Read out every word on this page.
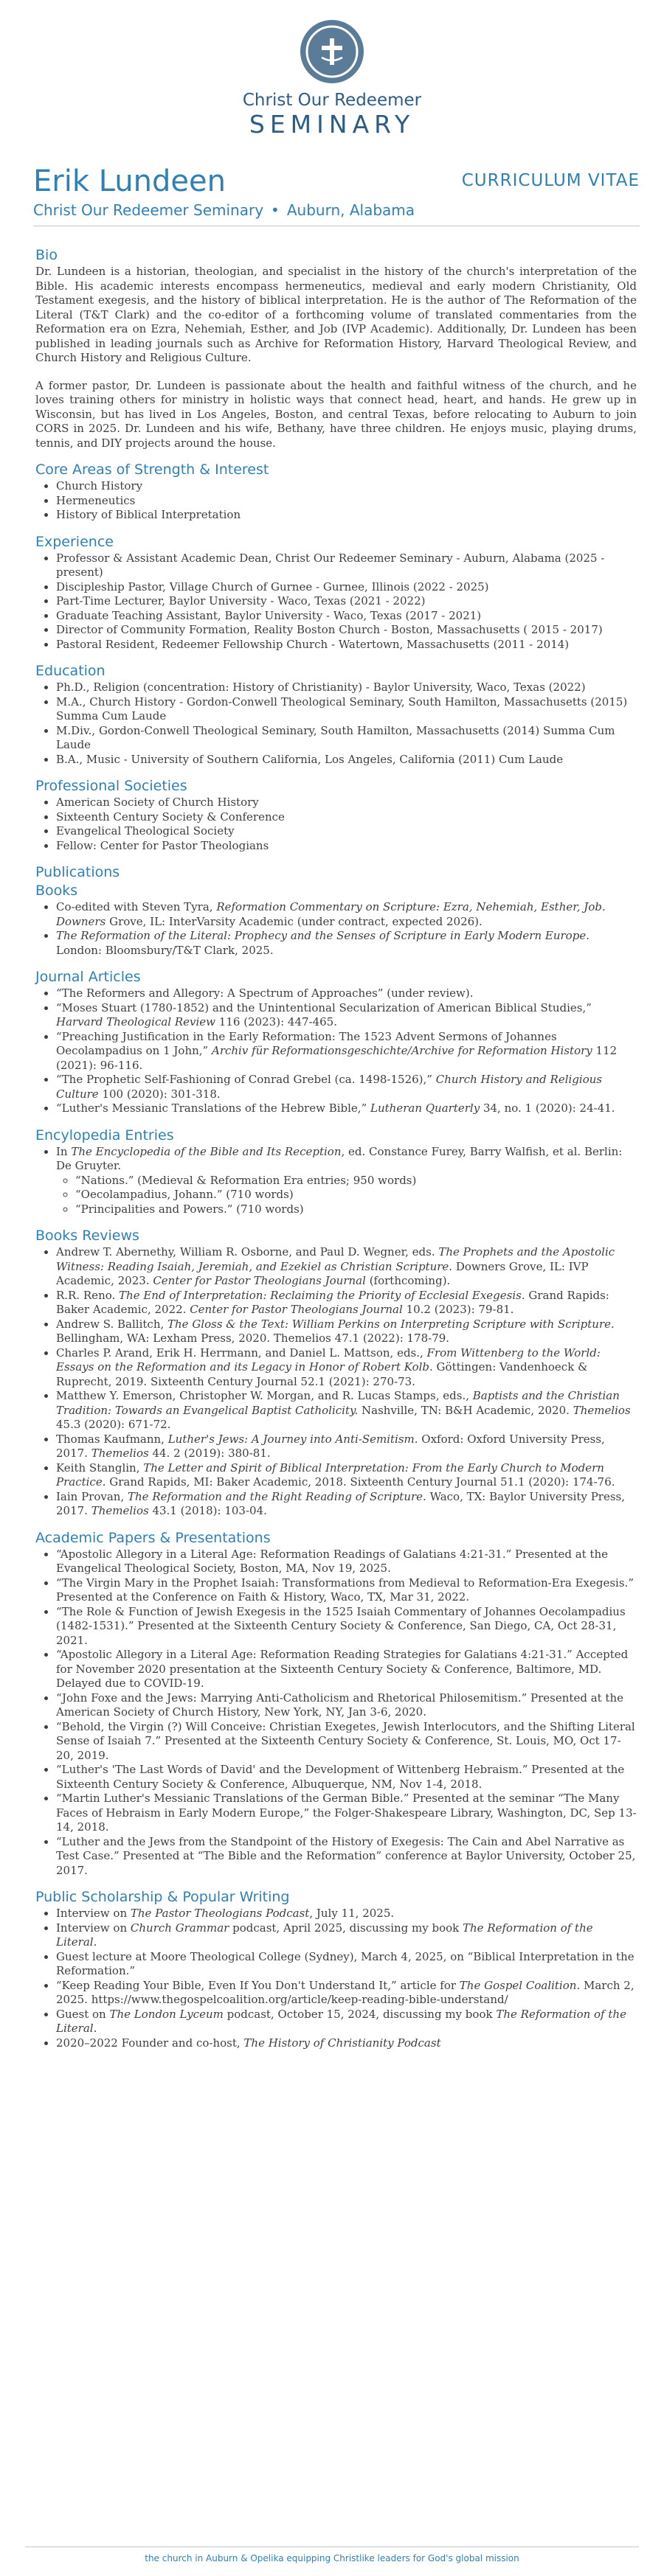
Christ Our Redeemer
SEMINARY
Erik Lundeen	CURRICULUM VITAE
Christ Our Redeemer Seminary • Auburn, Alabama
Bio

Dr. Lundeen is a historian, theologian, and specialist in the history of the church's interpretation of the Bible. His academic interests encompass hermeneutics, medieval and early modern Christianity, Old Testament exegesis, and the history of biblical interpretation. He is the author of The Reformation of the Literal (T&T Clark) and the co-editor of a forthcoming volume of translated commentaries from the Reformation era on Ezra, Nehemiah, Esther, and Job (IVP Academic). Additionally, Dr. Lundeen has been published in leading journals such as Archive for Reformation History, Harvard Theological Review, and Church History and Religious Culture.

A former pastor, Dr. Lundeen is passionate about the health and faithful witness of the church, and he loves training others for ministry in holistic ways that connect head, heart, and hands. He grew up in Wisconsin, but has lived in Los Angeles, Boston, and central Texas, before relocating to Auburn to join CORS in 2025. Dr. Lundeen and his wife, Bethany, have three children. He enjoys music, playing drums, tennis, and DIY projects around the house.

Core Areas of Strength & Interest
• Church History
• Hermeneutics
• History of Biblical Interpretation
Experience
• Professor & Assistant Academic Dean, Christ Our Redeemer Seminary - Auburn, Alabama (2025 - present)
• Discipleship Pastor, Village Church of Gurnee - Gurnee, Illinois (2022 - 2025)
• Part-Time Lecturer, Baylor University - Waco, Texas (2021 - 2022)
• Graduate Teaching Assistant, Baylor University - Waco, Texas (2017 - 2021)
• Director of Community Formation, Reality Boston Church - Boston, Massachusetts ( 2015 - 2017)
• Pastoral Resident, Redeemer Fellowship Church - Watertown, Massachusetts (2011 - 2014)
Education
• Ph.D., Religion (concentration: History of Christianity) - Baylor University, Waco, Texas (2022)
• M.A., Church History - Gordon-Conwell Theological Seminary, South Hamilton, Massachusetts (2015) Summa Cum Laude
• M.Div., Gordon-Conwell Theological Seminary, South Hamilton, Massachusetts (2014) Summa Cum Laude
• B.A., Music - University of Southern California, Los Angeles, California (2011) Cum Laude
Professional Societies
• American Society of Church History
• Sixteenth Century Society & Conference
• Evangelical Theological Society
• Fellow: Center for Pastor Theologians
Publications
Books
• Co-edited with Steven Tyra, Reformation Commentary on Scripture: Ezra, Nehemiah, Esther, Job. Downers Grove, IL: InterVarsity Academic (under contract, expected 2026).
• The Reformation of the Literal: Prophecy and the Senses of Scripture in Early Modern Europe. London: Bloomsbury/T&T Clark, 2025.
Journal Articles
• “The Reformers and Allegory: A Spectrum of Approaches” (under review).
• “Moses Stuart (1780-1852) and the Unintentional Secularization of American Biblical Studies,” Harvard Theological Review 116 (2023): 447-465.
• “Preaching Justification in the Early Reformation: The 1523 Advent Sermons of Johannes Oecolampadius on 1 John,” Archiv für Reformationsgeschichte/Archive for Reformation History 112 (2021): 96-116.
• “The Prophetic Self-Fashioning of Conrad Grebel (ca. 1498-1526),” Church History and Religious Culture 100 (2020): 301-318.
• “Luther's Messianic Translations of the Hebrew Bible,” Lutheran Quarterly 34, no. 1 (2020): 24-41.
Encylopedia Entries
• In The Encyclopedia of the Bible and Its Reception, ed. Constance Furey, Barry Walfish, et al. Berlin: De Gruyter.
◦ “Nations.” (Medieval & Reformation Era entries; 950 words)
◦ “Oecolampadius, Johann.” (710 words)
◦ “Principalities and Powers.” (710 words)
Books Reviews
• Andrew T. Abernethy, William R. Osborne, and Paul D. Wegner, eds. The Prophets and the Apostolic Witness: Reading Isaiah, Jeremiah, and Ezekiel as Christian Scripture. Downers Grove, IL: IVP Academic, 2023. Center for Pastor Theologians Journal (forthcoming).
• R.R. Reno. The End of Interpretation: Reclaiming the Priority of Ecclesial Exegesis. Grand Rapids: Baker Academic, 2022. Center for Pastor Theologians Journal 10.2 (2023): 79-81.
• Andrew S. Ballitch, The Gloss & the Text: William Perkins on Interpreting Scripture with Scripture. Bellingham, WA: Lexham Press, 2020. Themelios 47.1 (2022): 178-79.
• Charles P. Arand, Erik H. Herrmann, and Daniel L. Mattson, eds., From Wittenberg to the World: Essays on the Reformation and its Legacy in Honor of Robert Kolb. Göttingen: Vandenhoeck & Ruprecht, 2019. Sixteenth Century Journal 52.1 (2021): 270-73.
• Matthew Y. Emerson, Christopher W. Morgan, and R. Lucas Stamps, eds., Baptists and the Christian Tradition: Towards an Evangelical Baptist Catholicity. Nashville, TN: B&H Academic, 2020. Themelios 45.3 (2020): 671-72.
• Thomas Kaufmann, Luther's Jews: A Journey into Anti-Semitism. Oxford: Oxford University Press, 2017. Themelios 44. 2 (2019): 380-81.
• Keith Stanglin, The Letter and Spirit of Biblical Interpretation: From the Early Church to Modern Practice. Grand Rapids, MI: Baker Academic, 2018. Sixteenth Century Journal 51.1 (2020): 174-76.
• Iain Provan, The Reformation and the Right Reading of Scripture. Waco, TX: Baylor University Press, 2017. Themelios 43.1 (2018): 103-04.
Academic Papers & Presentations
• “Apostolic Allegory in a Literal Age: Reformation Readings of Galatians 4:21-31.” Presented at the Evangelical Theological Society, Boston, MA, Nov 19, 2025.
• “The Virgin Mary in the Prophet Isaiah: Transformations from Medieval to Reformation-Era Exegesis.” Presented at the Conference on Faith & History, Waco, TX, Mar 31, 2022.
• “The Role & Function of Jewish Exegesis in the 1525 Isaiah Commentary of Johannes Oecolampadius (1482-1531).” Presented at the Sixteenth Century Society & Conference, San Diego, CA, Oct 28-31, 2021.
• “Apostolic Allegory in a Literal Age: Reformation Reading Strategies for Galatians 4:21-31.” Accepted for November 2020 presentation at the Sixteenth Century Society & Conference, Baltimore, MD. Delayed due to COVID-19.
• “John Foxe and the Jews: Marrying Anti-Catholicism and Rhetorical Philosemitism.” Presented at the American Society of Church History, New York, NY, Jan 3-6, 2020.
• “Behold, the Virgin (?) Will Conceive: Christian Exegetes, Jewish Interlocutors, and the Shifting Literal Sense of Isaiah 7.” Presented at the Sixteenth Century Society & Conference, St. Louis, MO, Oct 17-20, 2019.
• “Luther's 'The Last Words of David' and the Development of Wittenberg Hebraism.” Presented at the Sixteenth Century Society & Conference, Albuquerque, NM, Nov 1-4, 2018.
• “Martin Luther's Messianic Translations of the German Bible.” Presented at the seminar “The Many Faces of Hebraism in Early Modern Europe,” the Folger-Shakespeare Library, Washington, DC, Sep 13-14, 2018.
• “Luther and the Jews from the Standpoint of the History of Exegesis: The Cain and Abel Narrative as Test Case.” Presented at “The Bible and the Reformation” conference at Baylor University, October 25, 2017.
Public Scholarship & Popular Writing
• Interview on The Pastor Theologians Podcast, July 11, 2025.
• Interview on Church Grammar podcast, April 2025, discussing my book The Reformation of the Literal.
• Guest lecture at Moore Theological College (Sydney), March 4, 2025, on “Biblical Interpretation in the Reformation.”
• “Keep Reading Your Bible, Even If You Don't Understand It,” article for The Gospel Coalition. March 2, 2025. https://www.thegospelcoalition.org/article/keep-reading-bible-understand/
• Guest on The London Lyceum podcast, October 15, 2024, discussing my book The Reformation of the Literal.
• 2020–2022 Founder and co-host, The History of Christianity Podcast
the church in Auburn & Opelika equipping Christlike leaders for God's global mission
